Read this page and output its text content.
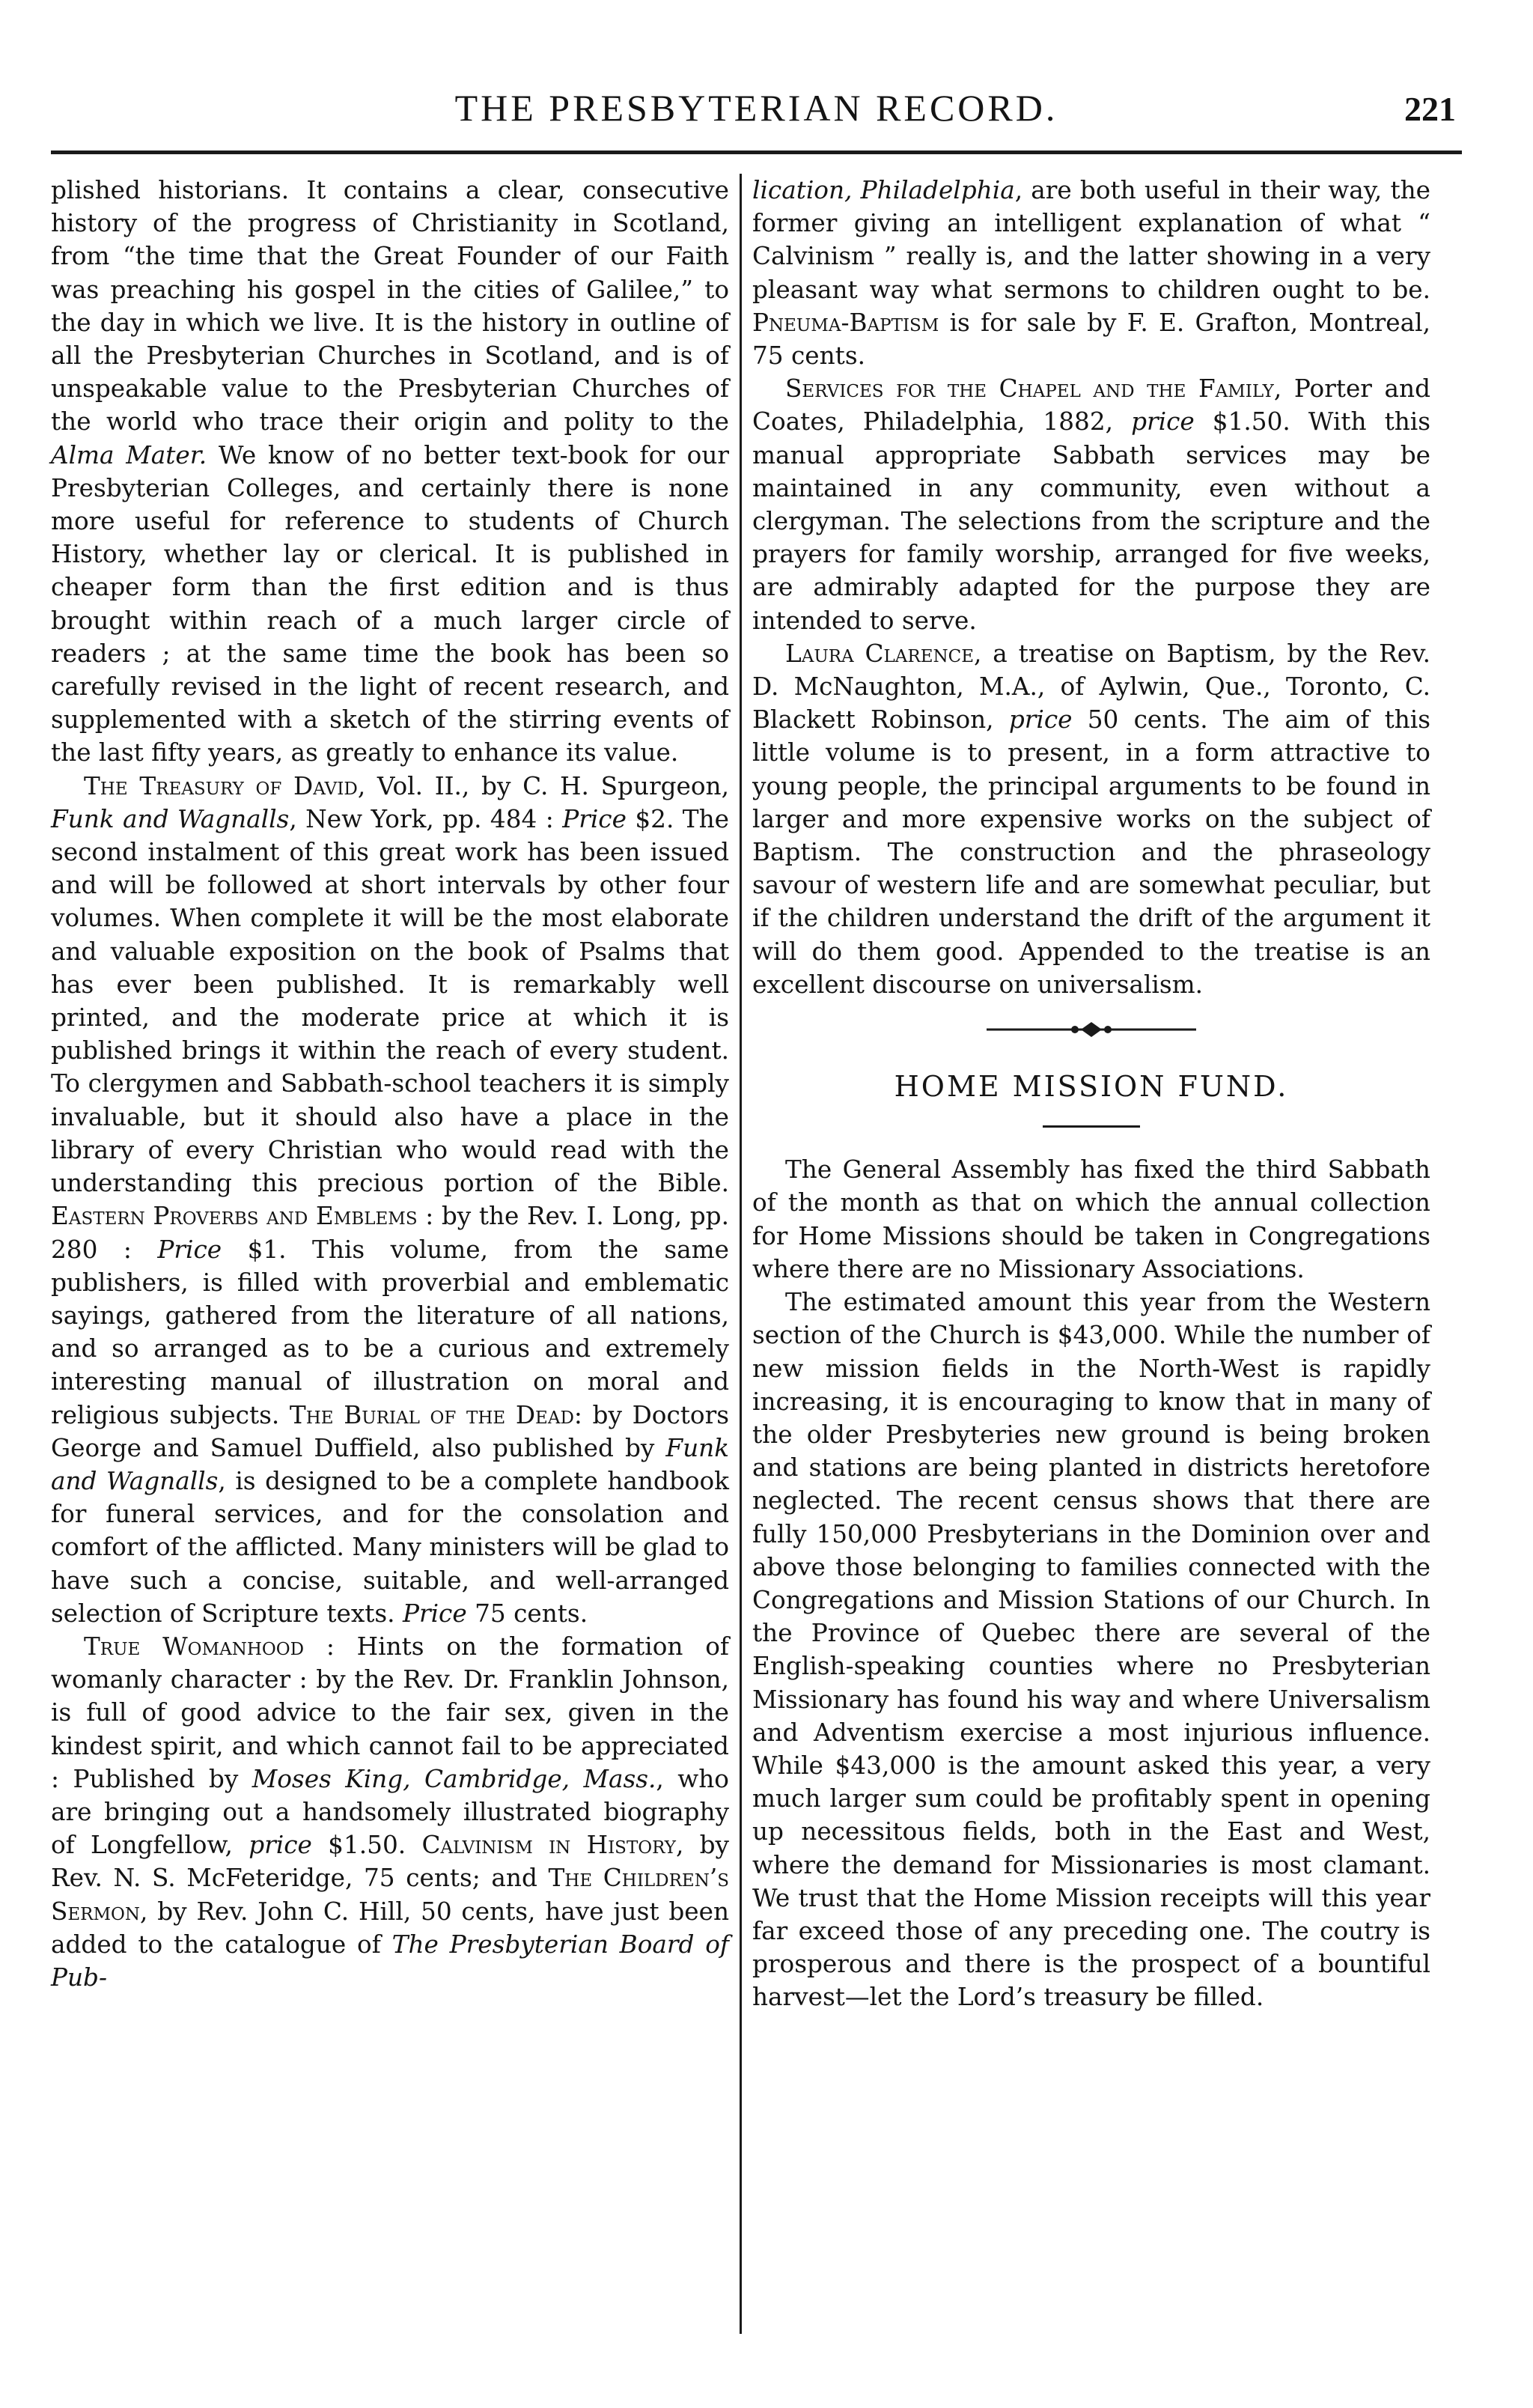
THE PRESBYTERIAN RECORD.	221

plished historians. It contains a clear, consecutive history of the progress of Christianity in Scotland, from “the time that the Great Founder of our Faith was preaching his gospel in the cities of Galilee,” to the day in which we live. It is the history in outline of all the Presbyterian Churches in Scotland, and is of unspeakable value to the Presbyterian Churches of the world who trace their origin and polity to the Alma Mater. We know of no better text-book for our Presbyterian Colleges, and certainly there is none more useful for reference to students of Church History, whether lay or clerical. It is published in cheaper form than the first edition and is thus brought within reach of a much larger circle of readers ; at the same time the book has been so carefully revised in the light of recent research, and supplemented with a sketch of the stirring events of the last fifty years, as greatly to enhance its value.

The Treasury of David, Vol. II., by C. H. Spurgeon, Funk and Wagnalls, New York, pp. 484 : Price $2. The second instalment of this great work has been issued and will be followed at short intervals by other four volumes. When complete it will be the most elaborate and valuable exposition on the book of Psalms that has ever been published. It is remarkably well printed, and the moderate price at which it is published brings it within the reach of every student. To clergymen and Sabbath-school teachers it is simply invaluable, but it should also have a place in the library of every Christian who would read with the understanding this precious portion of the Bible. Eastern Proverbs and Emblems : by the Rev. I. Long, pp. 280 : Price $1. This volume, from the same publishers, is filled with proverbial and emblematic sayings, gathered from the literature of all nations, and so arranged as to be a curious and extremely interesting manual of illustration on moral and religious subjects. The Burial of the Dead: by Doctors George and Samuel Duffield, also published by Funk and Wagnalls, is designed to be a complete handbook for funeral services, and for the consolation and comfort of the afflicted. Many ministers will be glad to have such a concise, suitable, and well-arranged selection of Scripture texts. Price 75 cents.

True Womanhood : Hints on the formation of womanly character : by the Rev. Dr. Franklin Johnson, is full of good advice to the fair sex, given in the kindest spirit, and which cannot fail to be appreciated : Published by Moses King, Cambridge, Mass., who are bringing out a handsomely illustrated biography of Longfellow, price $1.50. Calvinism in History, by Rev. N. S. McFeteridge, 75 cents; and The Children’s Sermon, by Rev. John C. Hill, 50 cents, have just been added to the catalogue of The Presbyterian Board of Pub-

lication, Philadelphia, are both useful in their way, the former giving an intelligent explanation of what “ Calvinism ” really is, and the latter showing in a very pleasant way what sermons to children ought to be. Pneuma-Baptism is for sale by F. E. Grafton, Montreal, 75 cents.

Services for the Chapel and the Family, Porter and Coates, Philadelphia, 1882, price $1.50. With this manual appropriate Sabbath services may be maintained in any community, even without a clergyman. The selections from the scripture and the prayers for family worship, arranged for five weeks, are admirably adapted for the purpose they are intended to serve.

Laura Clarence, a treatise on Baptism, by the Rev. D. McNaughton, M.A., of Aylwin, Que., Toronto, C. Blackett Robinson, price 50 cents. The aim of this little volume is to present, in a form attractive to young people, the principal arguments to be found in larger and more expensive works on the subject of Baptism. The construction and the phraseology savour of western life and are somewhat peculiar, but if the children understand the drift of the argument it will do them good. Appended to the treatise is an excellent discourse on universalism.

HOME MISSION FUND.

The General Assembly has fixed the third Sabbath of the month as that on which the annual collection for Home Missions should be taken in Congregations where there are no Missionary Associations.

The estimated amount this year from the Western section of the Church is $43,000. While the number of new mission fields in the North-West is rapidly increasing, it is encouraging to know that in many of the older Presbyteries new ground is being broken and stations are being planted in districts heretofore neglected. The recent census shows that there are fully 150,000 Presbyterians in the Dominion over and above those belonging to families connected with the Congregations and Mission Stations of our Church. In the Province of Quebec there are several of the English-speaking counties where no Presbyterian Missionary has found his way and where Universalism and Adventism exercise a most injurious influence. While $43,000 is the amount asked this year, a very much larger sum could be profitably spent in opening up necessitous fields, both in the East and West, where the demand for Missionaries is most clamant. We trust that the Home Mission receipts will this year far exceed those of any preceding one. The coutry is prosperous and there is the prospect of a bountiful harvest—let the Lord’s treasury be filled.
